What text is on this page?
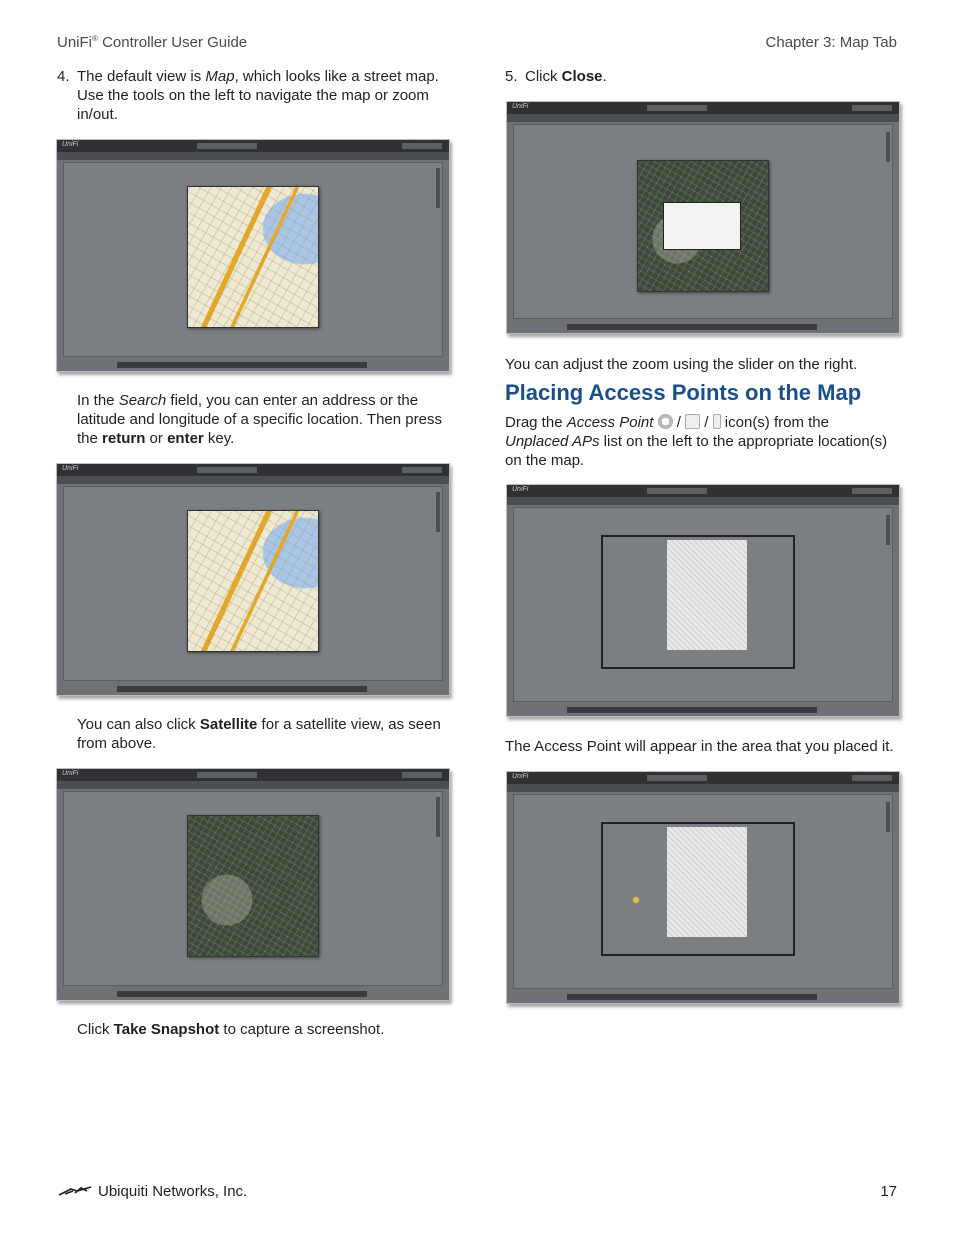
UniFi® Controller User Guide	Chapter 3: Map Tab
4. The default view is Map, which looks like a street map. Use the tools on the left to navigate the map or zoom in/out.
UniFi
In the Search field, you can enter an address or the latitude and longitude of a specific location. Then press the return or enter key.
UniFi
You can also click Satellite for a satellite view, as seen from above.
UniFi
Click Take Snapshot to capture a screenshot.
5. Click Close.
UniFi
You can adjust the zoom using the slider on the right.
Placing Access Points on the Map
Drag the Access Point  /  /  icon(s) from the Unplaced APs list on the left to the appropriate location(s) on the map.
UniFi
The Access Point will appear in the area that you placed it.
UniFi
Ubiquiti Networks, Inc.	17
